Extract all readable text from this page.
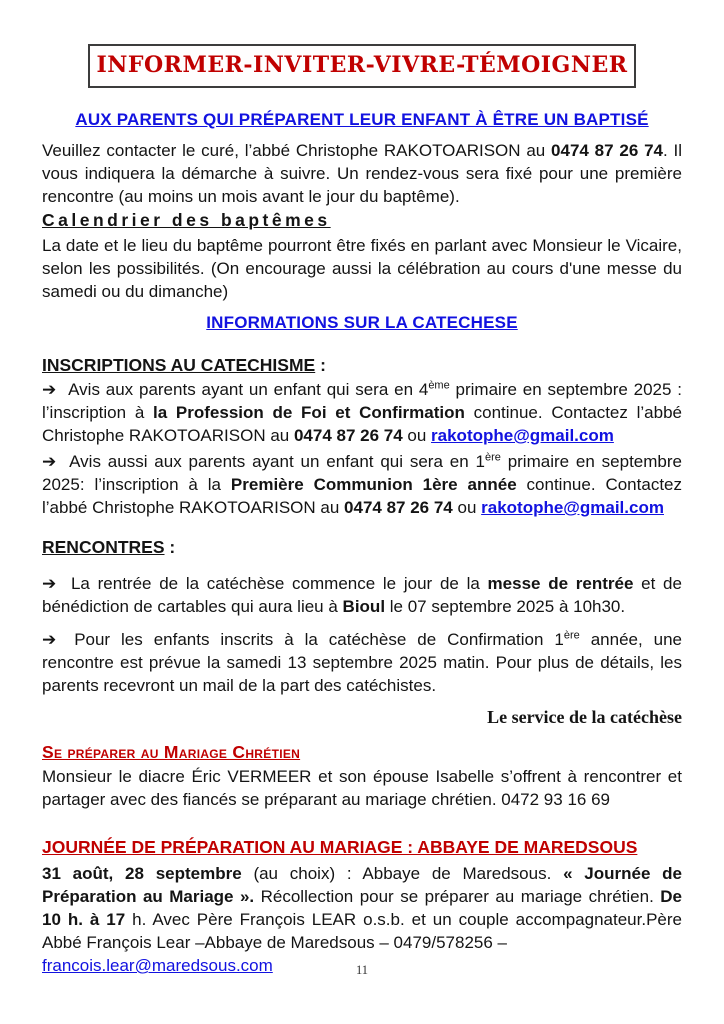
INFORMER-INVITER-VIVRE-TÉMOIGNER
AUX PARENTS QUI PRÉPARENT LEUR ENFANT À ÊTRE UN BAPTISÉ

Veuillez contacter le curé, l’abbé Christophe RAKOTOARISON au 0474 87 26 74. Il vous indiquera la démarche à suivre. Un rendez-vous sera fixé pour une première rencontre (au moins un mois avant le jour du baptême).

Calendrier des baptêmes

La date et le lieu du baptême pourront être fixés en parlant avec Monsieur le Vicaire, selon les possibilités. (On encourage aussi la célébration au cours d'une messe du samedi ou du dimanche)

INFORMATIONS SUR LA CATECHESE
INSCRIPTIONS AU CATECHISME :

➔ Avis aux parents ayant un enfant qui sera en 4ème primaire en septembre 2025 : l’inscription à la Profession de Foi et Confirmation continue. Contactez l’abbé Christophe RAKOTOARISON au 0474 87 26 74 ou rakotophe@gmail.com

➔ Avis aussi aux parents ayant un enfant qui sera en 1ère primaire en septembre 2025: l’inscription à la Première Communion 1ère année continue. Contactez l’abbé Christophe RAKOTOARISON au 0474 87 26 74 ou rakotophe@gmail.com

RENCONTRES :

➔ La rentrée de la catéchèse commence le jour de la messe de rentrée et de bénédiction de cartables qui aura lieu à Bioul le 07 septembre 2025 à 10h30.

➔ Pour les enfants inscrits à la catéchèse de Confirmation 1ère année, une rencontre est prévue la samedi 13 septembre 2025 matin. Pour plus de détails, les parents recevront un mail de la part des catéchistes.

Le service de la catéchèse

Se préparer au Mariage Chrétien

Monsieur le diacre Éric VERMEER et son épouse Isabelle s’offrent à rencontrer et partager avec des fiancés se préparant au mariage chrétien. 0472 93 16 69

JOURNÉE DE PRÉPARATION AU MARIAGE : ABBAYE DE MAREDSOUS

31 août, 28 septembre (au choix) : Abbaye de Maredsous. « Journée de Préparation au Mariage ». Récollection pour se préparer au mariage chrétien. De 10 h. à 17 h. Avec Père François LEAR o.s.b. et un couple accompagnateur.Père Abbé François Lear –Abbaye de Maredsous – 0479/578256 –
francois.lear@maredsous.com	11
